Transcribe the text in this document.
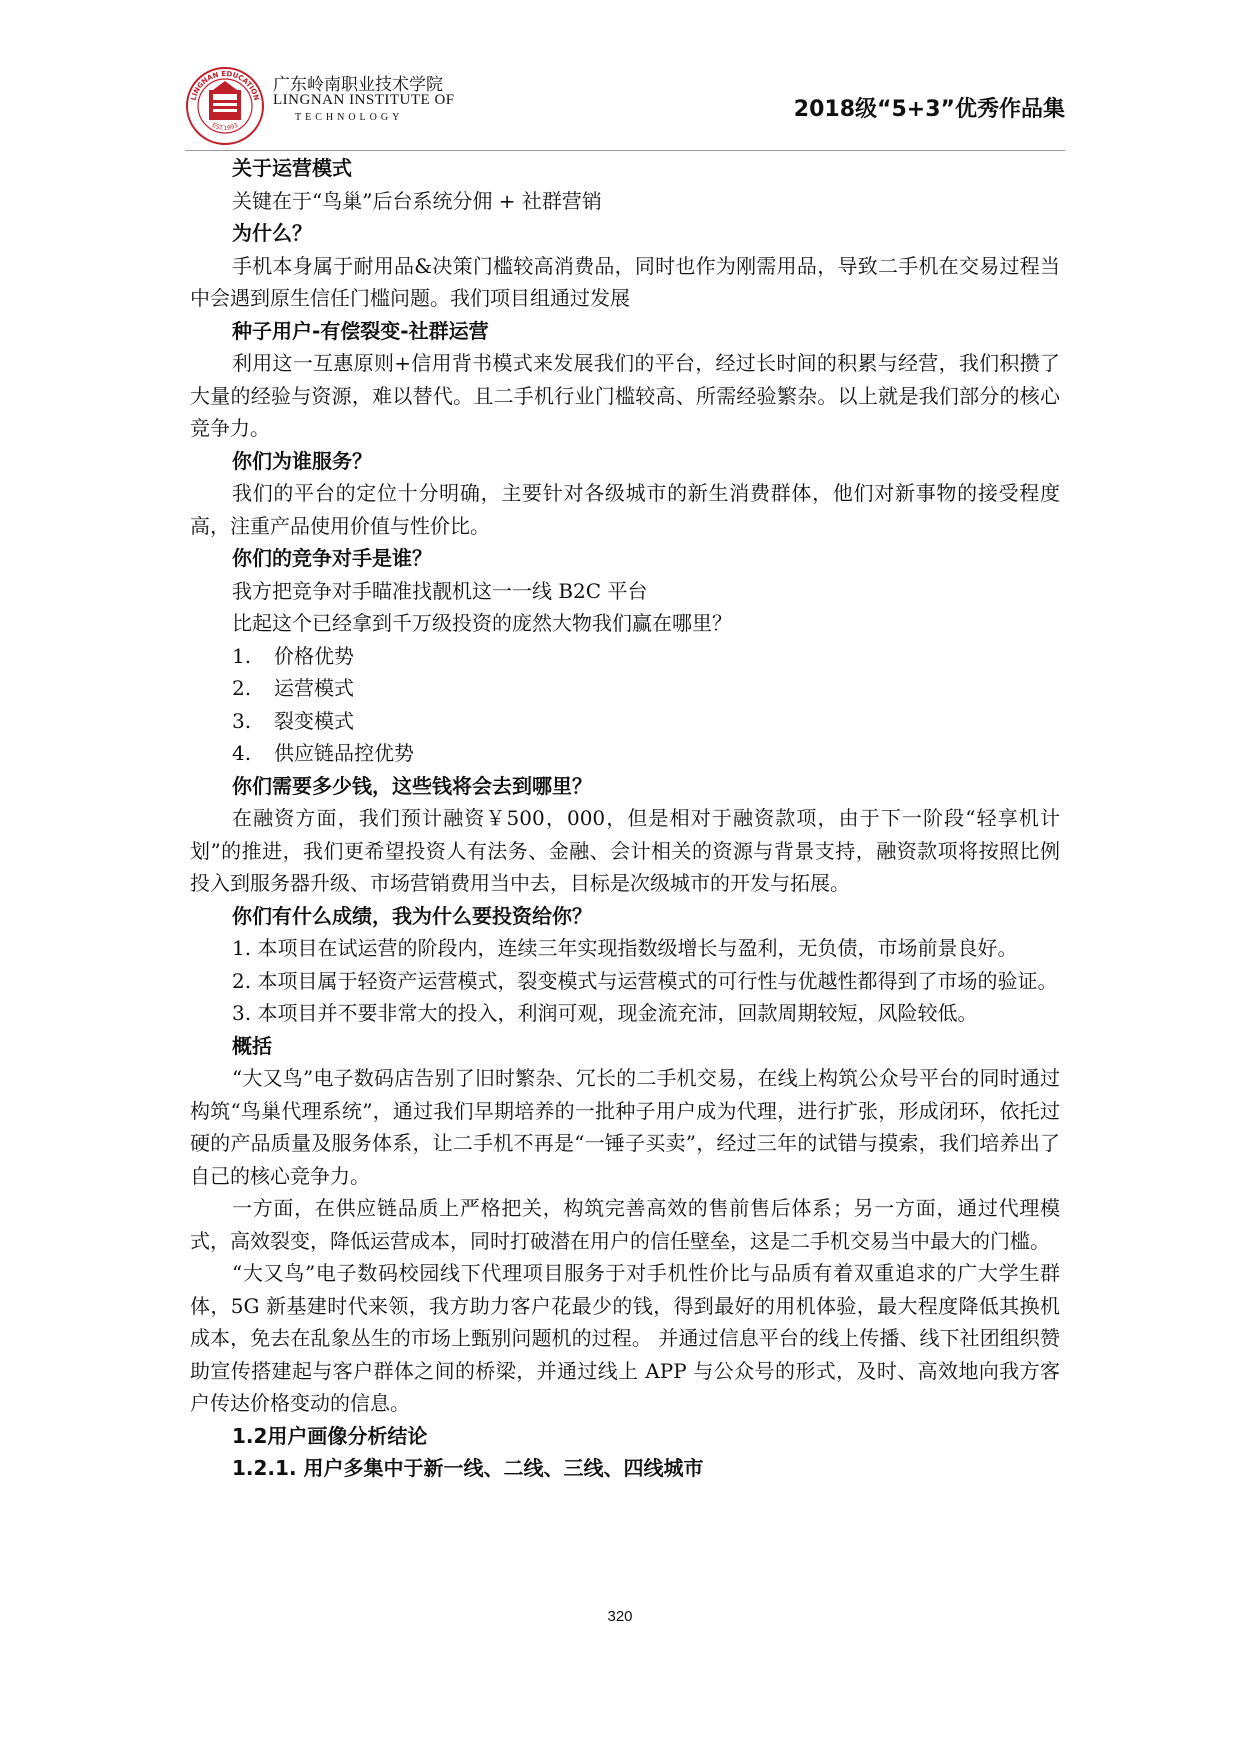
LINGNAN EDUCATION
EST.1993
广东岭南职业技术学院
LINGNAN INSTITUTE OF
TECHNOLOGY	2018级“5+3”优秀作品集

关于运营模式

关键在于“鸟巢”后台系统分佣 + 社群营销

为什么？

手机本身属于耐用品&决策门槛较高消费品，同时也作为刚需用品，导致二手机在交易过程当中会遇到原生信任门槛问题。我们项目组通过发展

种子用户-有偿裂变-社群运营

利用这一互惠原则+信用背书模式来发展我们的平台，经过长时间的积累与经营，我们积攒了大量的经验与资源，难以替代。且二手机行业门槛较高、所需经验繁杂。以上就是我们部分的核心竞争力。

你们为谁服务？

我们的平台的定位十分明确，主要针对各级城市的新生消费群体，他们对新事物的接受程度高，注重产品使用价值与性价比。

你们的竞争对手是谁？

我方把竞争对手瞄准找靓机这一一线 B2C 平台

比起这个已经拿到千万级投资的庞然大物我们赢在哪里？

1. 价格优势

2. 运营模式

3. 裂变模式

4. 供应链品控优势

你们需要多少钱，这些钱将会去到哪里？

在融资方面，我们预计融资￥500，000，但是相对于融资款项，由于下一阶段“轻享机计划”的推进，我们更希望投资人有法务、金融、会计相关的资源与背景支持，融资款项将按照比例投入到服务器升级、市场营销费用当中去，目标是次级城市的开发与拓展。

你们有什么成绩，我为什么要投资给你？

1. 本项目在试运营的阶段内，连续三年实现指数级增长与盈利，无负债，市场前景良好。

2. 本项目属于轻资产运营模式，裂变模式与运营模式的可行性与优越性都得到了市场的验证。

3. 本项目并不要非常大的投入，利润可观，现金流充沛，回款周期较短，风险较低。

概括

“大又鸟”电子数码店告别了旧时繁杂、冗长的二手机交易，在线上构筑公众号平台的同时通过构筑“鸟巢代理系统”，通过我们早期培养的一批种子用户成为代理，进行扩张，形成闭环，依托过硬的产品质量及服务体系，让二手机不再是“一锤子买卖”，经过三年的试错与摸索，我们培养出了自己的核心竞争力。

一方面，在供应链品质上严格把关，构筑完善高效的售前售后体系；另一方面，通过代理模式，高效裂变，降低运营成本，同时打破潜在用户的信任壁垒，这是二手机交易当中最大的门槛。

“大又鸟”电子数码校园线下代理项目服务于对手机性价比与品质有着双重追求的广大学生群体，5G 新基建时代来领，我方助力客户花最少的钱，得到最好的用机体验，最大程度降低其换机成本，免去在乱象丛生的市场上甄别问题机的过程。 并通过信息平台的线上传播、线下社团组织赞助宣传搭建起与客户群体之间的桥梁，并通过线上 APP 与公众号的形式，及时、高效地向我方客户传达价格变动的信息。

1.2用户画像分析结论

1.2.1. 用户多集中于新一线、二线、三线、四线城市

320
